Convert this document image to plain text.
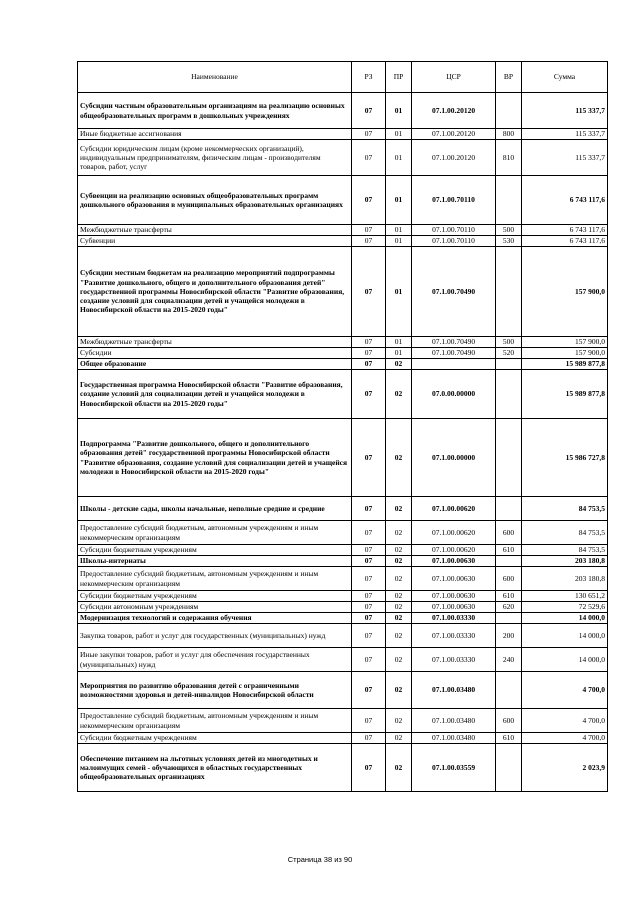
Наименование	РЗ	ПР	ЦСР	ВР	Сумма
Субсидии частным образовательным организациям на реализацию основных общеобразовательных программ в дошкольных учреждениях	07	01	07.1.00.20120		115 337,7
Иные бюджетные ассигнования	07	01	07.1.00.20120	800	115 337,7
Субсидии юридическим лицам (кроме некоммерческих организаций), индивидуальным предпринимателям, физическим лицам - производителям товаров, работ, услуг	07	01	07.1.00.20120	810	115 337,7
Субвенции на реализацию основных общеобразовательных программ дошкольного образования в муниципальных образовательных организациях	07	01	07.1.00.70110		6 743 117,6
Межбюджетные трансферты	07	01	07.1.00.70110	500	6 743 117,6
Субвенции	07	01	07.1.00.70110	530	6 743 117,6
Субсидии местным бюджетам на реализацию мероприятий подпрограммы "Развитие дошкольного, общего и дополнительного образования детей" государственной программы Новосибирской области "Развитие образования, создание условий для социализации детей и учащейся молодежи в Новосибирской области на 2015-2020 годы"	07	01	07.1.00.70490		157 900,0
Межбюджетные трансферты	07	01	07.1.00.70490	500	157 900,0
Субсидии	07	01	07.1.00.70490	520	157 900,0
Общее образование	07	02			15 989 877,8
Государственная программа Новосибирской области "Развитие образования, создание условий для социализации детей и учащейся молодежи в Новосибирской области на 2015-2020 годы"	07	02	07.0.00.00000		15 989 877,8
Подпрограмма "Развитие дошкольного, общего и дополнительного образования детей" государственной программы Новосибирской области "Развитие образования, создание условий для социализации детей и учащейся молодежи в Новосибирской области на 2015-2020 годы"	07	02	07.1.00.00000		15 986 727,8
Школы - детские сады, школы начальные, неполные средние и средние	07	02	07.1.00.00620		84 753,5
Предоставление субсидий бюджетным, автономным учреждениям и иным некоммерческим организациям	07	02	07.1.00.00620	600	84 753,5
Субсидии бюджетным учреждениям	07	02	07.1.00.00620	610	84 753,5
Школы-интернаты	07	02	07.1.00.00630		203 180,8
Предоставление субсидий бюджетным, автономным учреждениям и иным некоммерческим организациям	07	02	07.1.00.00630	600	203 180,8
Субсидии бюджетным учреждениям	07	02	07.1.00.00630	610	130 651,2
Субсидии автономным учреждениям	07	02	07.1.00.00630	620	72 529,6
Модернизация технологий и содержания обучения	07	02	07.1.00.03330		14 000,0
Закупка товаров, работ и услуг для государственных (муниципальных) нужд	07	02	07.1.00.03330	200	14 000,0
Иные закупки товаров, работ и услуг для обеспечения государственных (муниципальных) нужд	07	02	07.1.00.03330	240	14 000,0
Мероприятия по развитию образования детей с ограниченными возможностями здоровья и детей-инвалидов Новосибирской области	07	02	07.1.00.03480		4 700,0
Предоставление субсидий бюджетным, автономным учреждениям и иным некоммерческим организациям	07	02	07.1.00.03480	600	4 700,0
Субсидии бюджетным учреждениям	07	02	07.1.00.03480	610	4 700,0
Обеспечение питанием на льготных условиях детей из многодетных и малоимущих семей - обучающихся в областных государственных общеобразовательных организациях	07	02	07.1.00.03559		2 023,9
Страница 38 из 90
